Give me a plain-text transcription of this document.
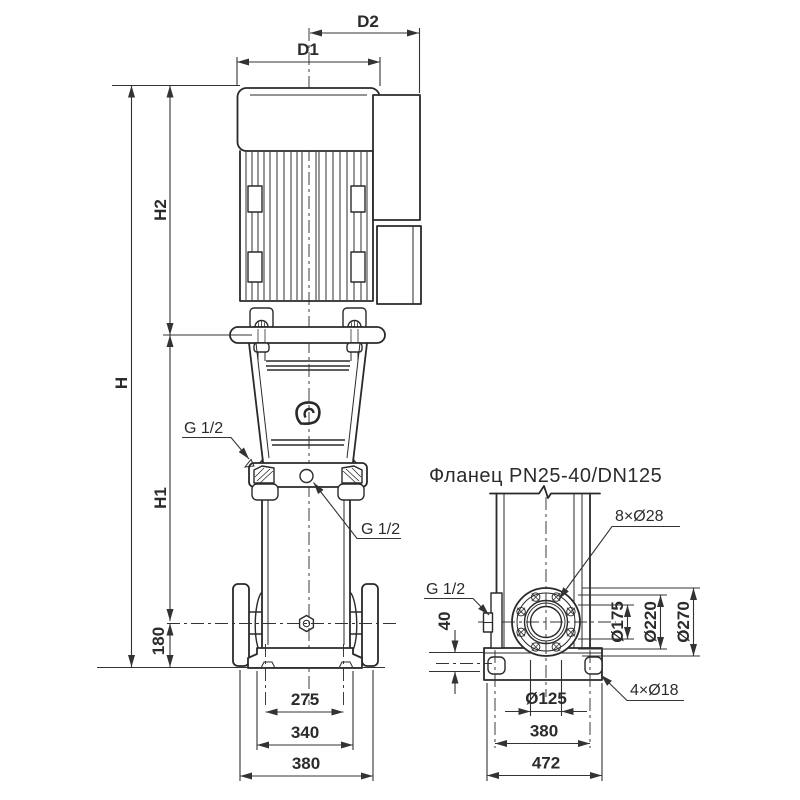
H
H2
H1
180
D2
D1
275
340
380
G 1/2
G 1/2
Фланец PN25-40/DN125
40
G 1/2
8×Ø28
Ø175 Ø220 Ø270
4×Ø18
Ø125
380
472
